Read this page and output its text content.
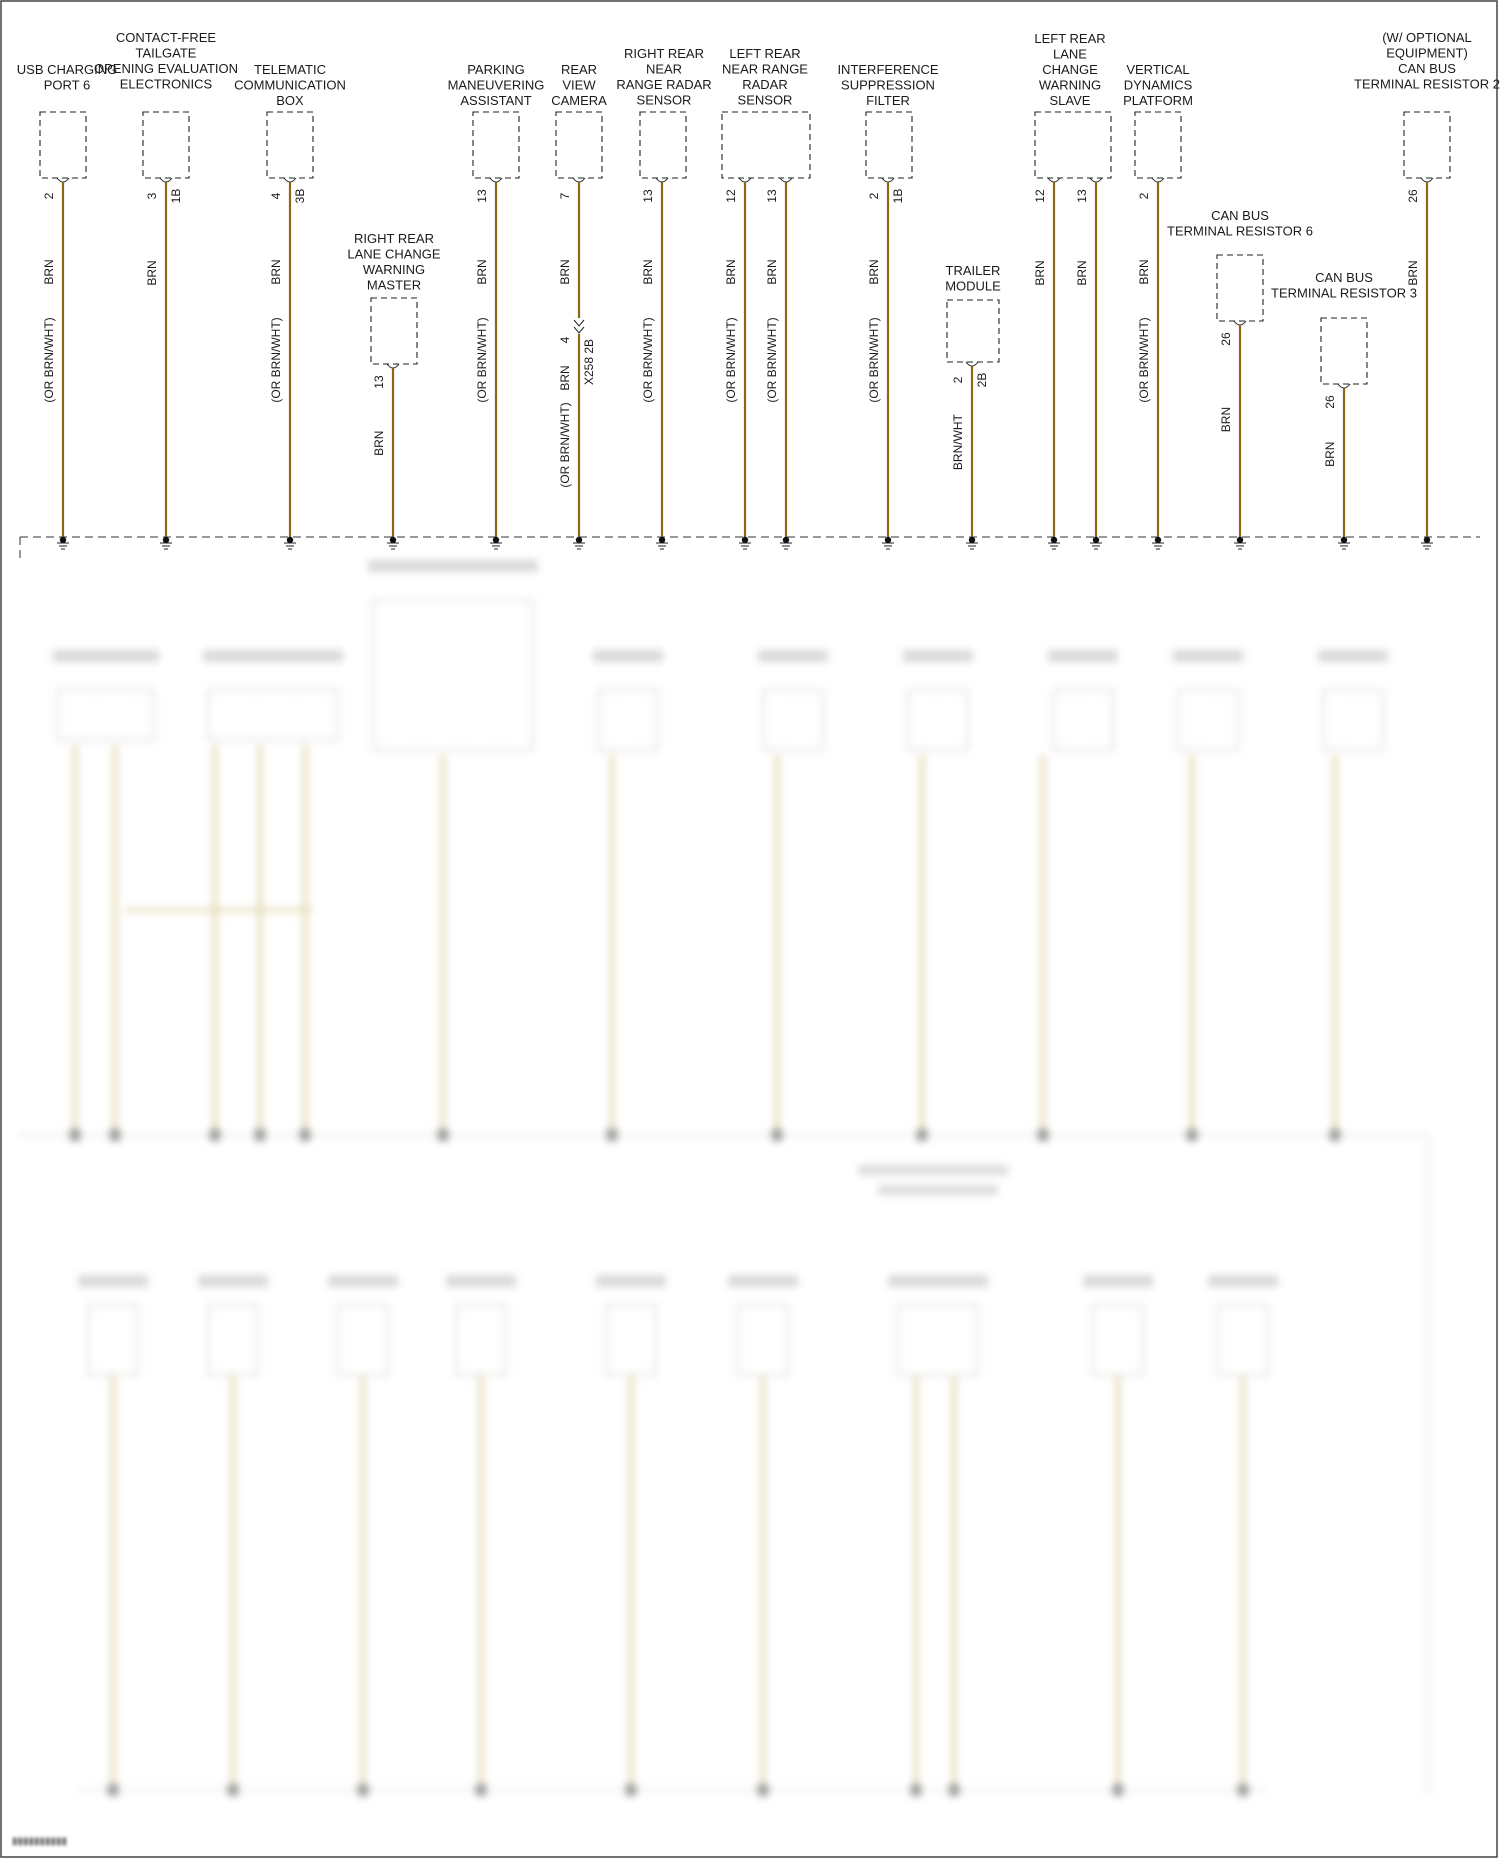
USB CHARGING
PORT 6
BRN
(OR BRN/WHT)
2
CONTACT-FREE
TAILGATE
OPENING EVALUATION
ELECTRONICS
BRN
3 1B
TELEMATIC
COMMUNICATION
BOX
BRN
(OR BRN/WHT)
4 3B
RIGHT REAR
LANE CHANGE
WARNING
MASTER
BRN
13
PARKING
MANEUVERING
ASSISTANT
BRN
(OR BRN/WHT)
13
REAR
VIEW
CAMERA
4 X258 2B
BRN
BRN
(OR BRN/WHT)
7
RIGHT REAR
NEAR
RANGE RADAR
SENSOR
BRN
(OR BRN/WHT)
13
LEFT REAR
NEAR RANGE
RADAR
SENSOR
BRN
(OR BRN/WHT)
12
BRN
(OR BRN/WHT)
13
INTERFERENCE
SUPPRESSION
FILTER
BRN
(OR BRN/WHT)
2 1B
TRAILER
MODULE
BRN/WHT
2 2B
LEFT REAR
LANE
CHANGE
WARNING
SLAVE
BRN
12
BRN
13
VERTICAL
DYNAMICS
PLATFORM
BRN
(OR BRN/WHT)
2
CAN BUS
TERMINAL RESISTOR 6
BRN
26
CAN BUS
TERMINAL RESISTOR 3
BRN
26
(W/ OPTIONAL
EQUIPMENT)
CAN BUS
TERMINAL RESISTOR 2
BRN
26
▮▮▮▮▮▮▮▮▮▮
